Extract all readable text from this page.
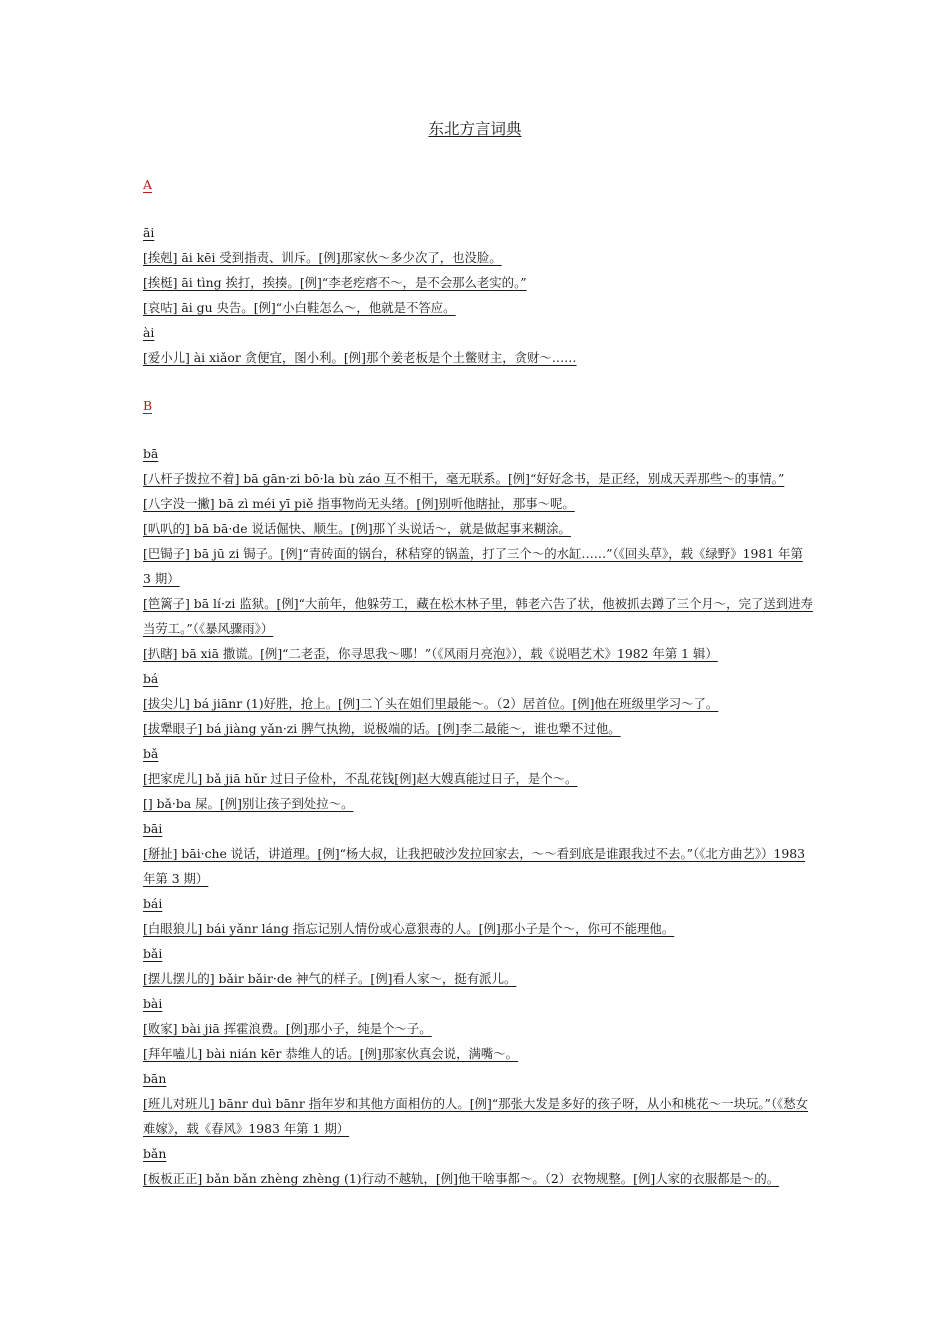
东北方言词典
A
āi
[挨剋] āi kēi 受到指责、训斥。[例]那家伙～多少次了，也没脸。
[挨梃] āi tìng 挨打，挨揍。[例]“李老疙瘩不～，是不会那么老实的。”
[哀咕] āi gu 央告。[例]“小白鞋怎么～，他就是不答应。
ài
[爱小儿] ài xiǎor 贪便宜，图小利。[例]那个姜老板是个土鳖财主，贪财～……
B
bā
[八杆子拨拉不着] bā gān·zi bō·la bù záo 互不相干，毫无联系。[例]“好好念书，是正经，别成天弄那些～的事情。”
[八字没一撇] bā zì méi yī piě 指事物尚无头绪。[例]别听他瞎扯，那事～呢。
[叭叭的] bā bā·de 说话倔快、顺生。[例]那丫头说话～，就是做起事来糊涂。
[巴锔子] bā jū zi 锔子。[例]“青砖面的锅台，秫秸穿的锅盖，打了三个～的水缸……”（《回头草》，载《绿野》1981 年第 3 期）
[笆篱子] bā lí·zi 监狱。[例]“大前年，他躲劳工，藏在松木林子里，韩老六告了状，他被抓去蹲了三个月～，完了送到进寿当劳工。”（《暴风骤雨》）
[扒瞎] bā xiā 撒谎。[例]“二老歪，你寻思我～哪！”（《风雨月亮泡》），载《说唱艺术》1982 年第 1 辑）
bá
[拔尖儿] bá jiānr (1)好胜，抢上。[例]二丫头在姐们里最能～。（2）居首位。[例]他在班级里学习～了。
[拔犟眼子] bá jiàng yǎn·zi 脾气执拗，说极端的话。[例]李二最能～，谁也犟不过他。
bǎ
[把家虎儿] bǎ jiā hǔr 过日子俭朴，不乱花钱[例]赵大嫂真能过日子，是个～。
[] bǎ·ba 屎。[例]别让孩子到处拉～。
bāi
[掰扯] bāi·che 说话，讲道理。[例]“杨大叔，让我把破沙发拉回家去，～～看到底是谁跟我过不去。”（《北方曲艺》）1983 年第 3 期）
bái
[白眼狼儿] bái yǎnr láng 指忘记别人情份或心意狠毒的人。[例]那小子是个～，你可不能理他。
bǎi
[摆儿摆儿的] bǎir bǎir·de 神气的样子。[例]看人家～，挺有派儿。
bài
[败家] bài jiā 挥霍浪费。[例]那小子，纯是个～子。
[拜年嗑儿] bài nián kēr 恭维人的话。[例]那家伙真会说，满嘴～。
bān
[班儿对班儿] bānr duì bānr 指年岁和其他方面相仿的人。[例]“那张大发是多好的孩子呀，从小和桃花～一块玩。”（《愁女难嫁》，载《春风》1983 年第 1 期）
bǎn
[板板正正] bǎn bǎn zhèng zhèng (1)行动不越轨，[例]他干啥事都～。（2）衣物规整。[例]人家的衣服都是～的。
